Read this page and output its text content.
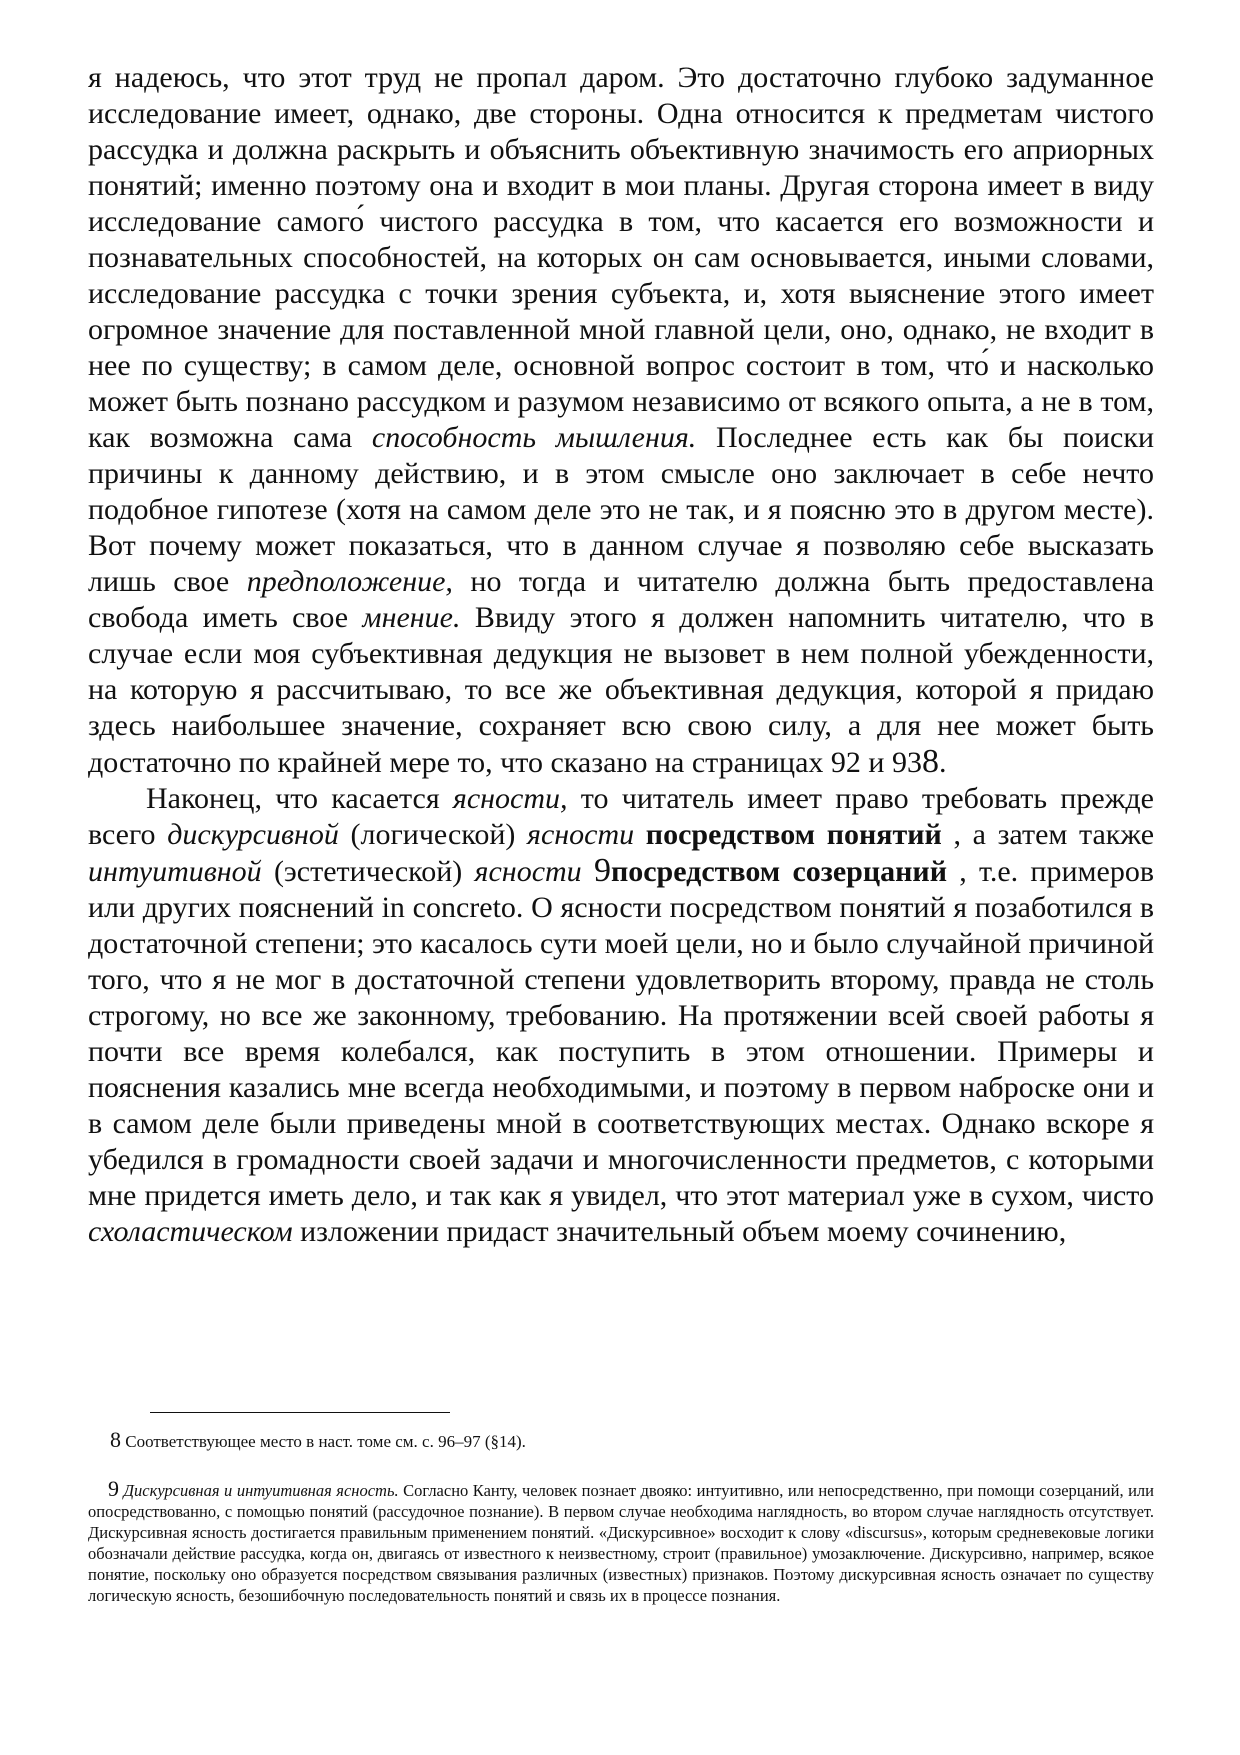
я надеюсь, что этот труд не пропал даром. Это достаточно глубоко задуманное исследование имеет, однако, две стороны. Одна относится к предметам чистого рассудка и должна раскрыть и объяснить объективную значимость его априорных понятий; именно поэтому она и входит в мои планы. Другая сторона имеет в виду исследование самого́ чистого рассудка в том, что касается его возможности и познавательных способностей, на которых он сам основывается, иными словами, исследование рассудка с точки зрения субъекта, и, хотя выяснение этого имеет огромное значение для поставленной мной главной цели, оно, однако, не входит в нее по существу; в самом деле, основной вопрос состоит в том, что́ и насколько может быть познано рассудком и разумом независимо от всякого опыта, а не в том, как возможна сама способность мышления. Последнее есть как бы поиски причины к данному действию, и в этом смысле оно заключает в себе нечто подобное гипотезе (хотя на самом деле это не так, и я поясню это в другом месте). Вот почему может показаться, что в данном случае я позволяю себе высказать лишь свое предположение, но тогда и читателю должна быть предоставлена свобода иметь свое мнение. Ввиду этого я должен напомнить читателю, что в случае если моя субъективная дедукция не вызовет в нем полной убежденности, на которую я рассчитываю, то все же объективная дедукция, которой я придаю здесь наибольшее значение, сохраняет всю свою силу, а для нее может быть достаточно по крайней мере то, что сказано на страницах 92 и 938.

Наконец, что касается ясности, то читатель имеет право требовать прежде всего дискурсивной (логической) ясности посредством понятий , а затем также интуитивной (эстетической) ясности 9посредством созерцаний , т.е. примеров или других пояснений in concreto. О ясности посредством понятий я позаботился в достаточной степени; это касалось сути моей цели, но и было случайной причиной того, что я не мог в достаточной степени удовлетворить второму, правда не столь строгому, но все же законному, требованию. На протяжении всей своей работы я почти все время колебался, как поступить в этом отношении. Примеры и пояснения казались мне всегда необходимыми, и поэтому в первом наброске они и в самом деле были приведены мной в соответствующих местах. Однако вскоре я убедился в громадности своей задачи и многочисленности предметов, с которыми мне придется иметь дело, и так как я увидел, что этот материал уже в сухом, чисто схоластическом изложении придаст значительный объем моему сочинению,

8 Соответствующее место в наст. томе см. с. 96–97 (§14).

9 Дискурсивная и интуитивная ясность. Согласно Канту, человек познает двояко: интуитивно, или непосредственно, при помощи созерцаний, или опосредствованно, с помощью понятий (рассудочное познание). В первом случае необходима наглядность, во втором случае наглядность отсутствует. Дискурсивная ясность достигается правильным применением понятий. «Дискурсивное» восходит к слову «discursus», которым средневековые логики обозначали действие рассудка, когда он, двигаясь от известного к неизвестному, строит (правильное) умозаключение. Дискурсивно, например, всякое понятие, поскольку оно образуется посредством связывания различных (известных) признаков. Поэтому дискурсивная ясность означает по существу логическую ясность, безошибочную последовательность понятий и связь их в процессе познания.
